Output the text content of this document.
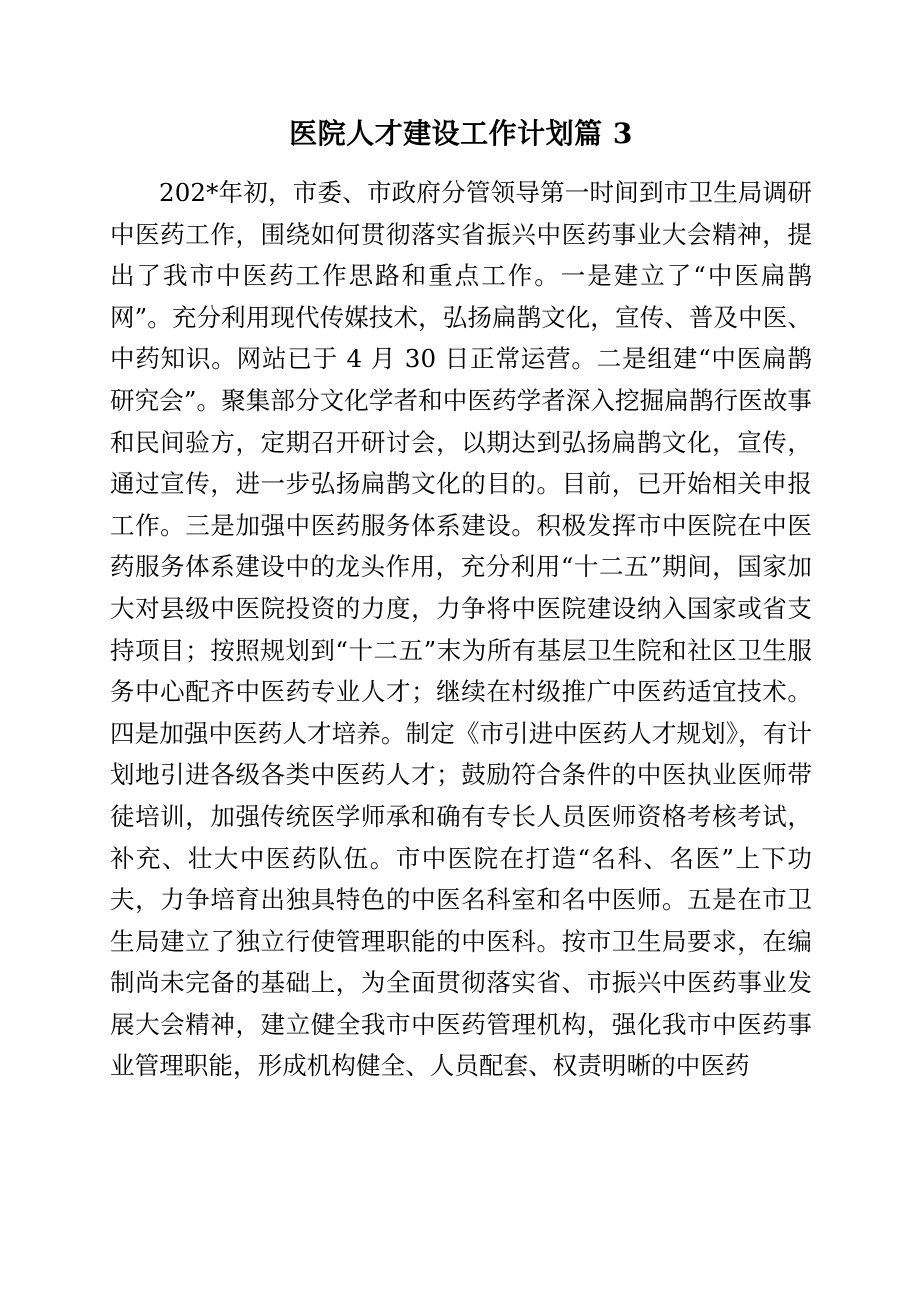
医院人才建设工作计划篇 3

202*年初，市委、市政府分管领导第一时间到市卫生局调研中医药工作，围绕如何贯彻落实省振兴中医药事业大会精神，提出了我市中医药工作思路和重点工作。一是建立了“中医扁鹊网”。充分利用现代传媒技术，弘扬扁鹊文化，宣传、普及中医、中药知识。网站已于 4 月 30 日正常运营。二是组建“中医扁鹊研究会”。聚集部分文化学者和中医药学者深入挖掘扁鹊行医故事和民间验方，定期召开研讨会，以期达到弘扬扁鹊文化，宣传，通过宣传，进一步弘扬扁鹊文化的目的。目前，已开始相关申报工作。三是加强中医药服务体系建设。积极发挥市中医院在中医药服务体系建设中的龙头作用，充分利用“十二五”期间，国家加大对县级中医院投资的力度，力争将中医院建设纳入国家或省支持项目；按照规划到“十二五”末为所有基层卫生院和社区卫生服务中心配齐中医药专业人才；继续在村级推广中医药适宜技术。四是加强中医药人才培养。制定《市引进中医药人才规划》，有计划地引进各级各类中医药人才；鼓励符合条件的中医执业医师带徒培训，加强传统医学师承和确有专长人员医师资格考核考试，补充、壮大中医药队伍。市中医院在打造“名科、名医”上下功夫，力争培育出独具特色的中医名科室和名中医师。五是在市卫生局建立了独立行使管理职能的中医科。按市卫生局要求，在编制尚未完备的基础上，为全面贯彻落实省、市振兴中医药事业发展大会精神，建立健全我市中医药管理机构，强化我市中医药事业管理职能，形成机构健全、人员配套、权责明晰的中医药
